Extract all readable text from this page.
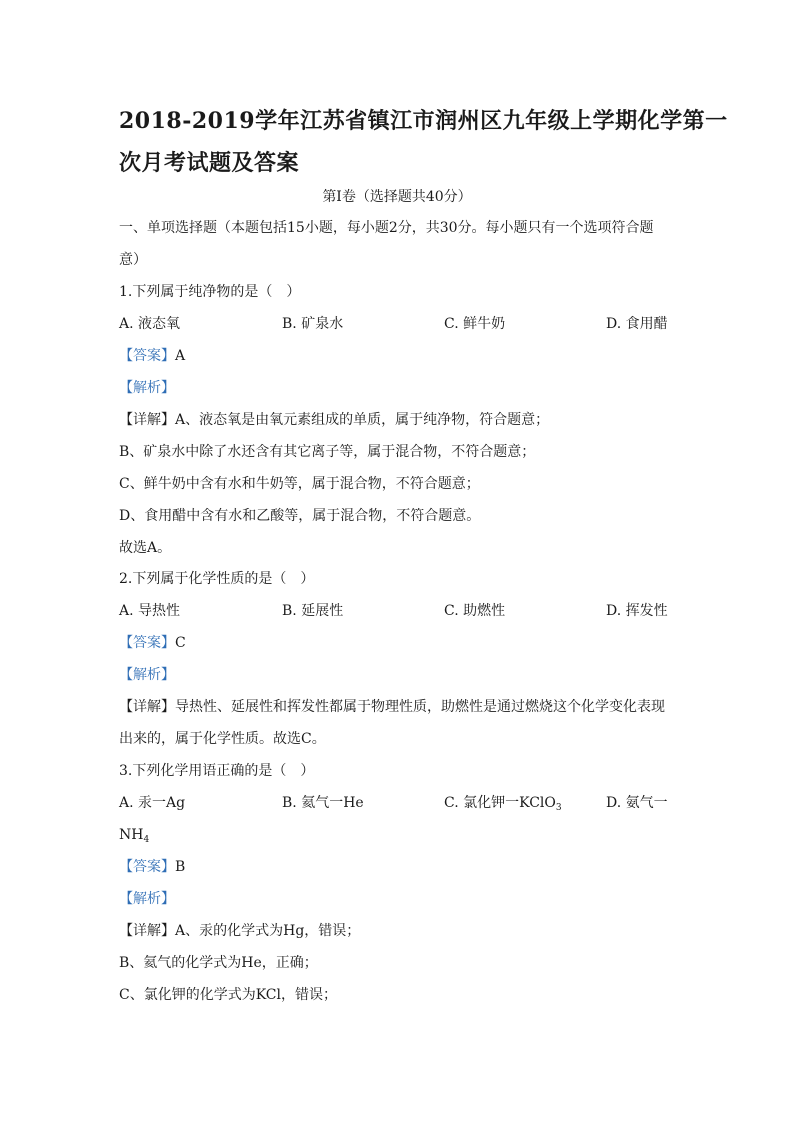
2018-2019学年江苏省镇江市润州区九年级上学期化学第一
次月考试题及答案
第Ⅰ卷（选择题共40分）
一、单项选择题（本题包括15小题，每小题2分，共30分。每小题只有一个选项符合题
意）
1.下列属于纯净物的是（　）
A. 液态氧	B. 矿泉水	C. 鲜牛奶	D. 食用醋
【答案】A
【解析】
【详解】A、液态氧是由氧元素组成的单质，属于纯净物，符合题意；
B、矿泉水中除了水还含有其它离子等，属于混合物，不符合题意；
C、鲜牛奶中含有水和牛奶等，属于混合物，不符合题意；
D、食用醋中含有水和乙酸等，属于混合物，不符合题意。
故选A。
2.下列属于化学性质的是（　）
A. 导热性	B. 延展性	C. 助燃性	D. 挥发性
【答案】C
【解析】
【详解】导热性、延展性和挥发性都属于物理性质，助燃性是通过燃烧这个化学变化表现
出来的，属于化学性质。故选C。
3.下列化学用语正确的是（　）
A. 汞一Ag	B. 氦气一He	C. 氯化钾一KClO$_3$	D. 氨气一
$NH_4$
【答案】B
【解析】
【详解】A、汞的化学式为Hg，错误；
B、氦气的化学式为He，正确；
C、氯化钾的化学式为KCl，错误；
